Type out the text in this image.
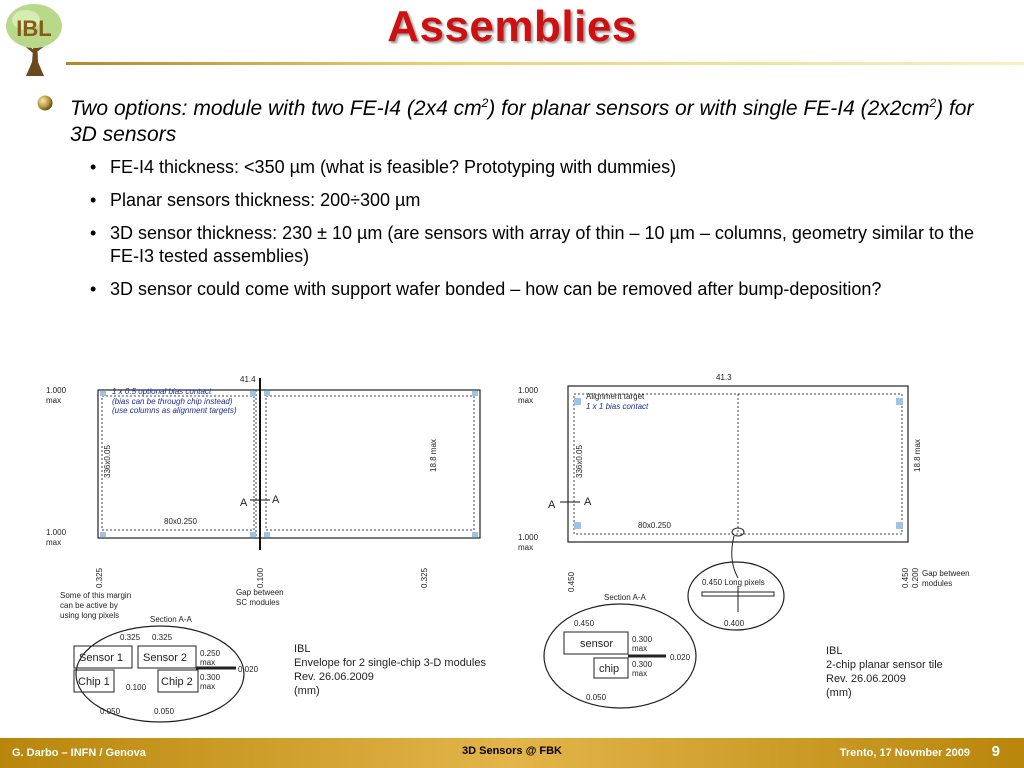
IBL	Assemblies
Two options: module with two FE-I4 (2x4 $cm^2$) for planar sensors or with single FE-I4 $(2x2cm^2)$ for 3D sensors
• FE-I4 thickness: <350 µm (what is feasible? Prototyping with dummies)
• Planar sensors thickness: 200÷300 µm
• 3D sensor thickness: 230 ± 10 µm (are sensors with array of thin – 10 µm – columns, geometry similar to the FE-I3 tested assemblies)
• 3D sensor could come with support wafer bonded – how can be removed after bump-deposition?
41.4
1.000
max
1.000
max
1 x 0.5 optional bias contact
(bias can be through chip instead)
(use columns as alignment targets)
336x0.05	18.8 max
A A
80x0.250
0.325	0.100	0.325
Some of this margin
can be active by
using long pixels
Gap between
SC modules
Section A-A
0.325 0.325
Sensor 1 Sensor 2
Chip 1	Chip 2
0.250
max
0.020
0.300
max
0.100
0.050	0.050
IBL
Envelope for 2 single-chip 3-D modules
Rev. 26.06.2009
(mm)
41.3
1.000
max	Alignment target
1 x 1 bias contact
336x0.05	18.8 max
A	A
80x0.250
1.000
max
0.450	0.450 0.200 Gap between
modules
0.450 Long pixels
0.400
Section A-A
0.450
sensor
chip
0.300
max
0.020
0.300
max
0.050
IBL
2-chip planar sensor tile
Rev. 26.06.2009
(mm)
G. Darbo – INFN / Genova	3D Sensors @ FBK	Trento, 17 Novmber 2009 9
